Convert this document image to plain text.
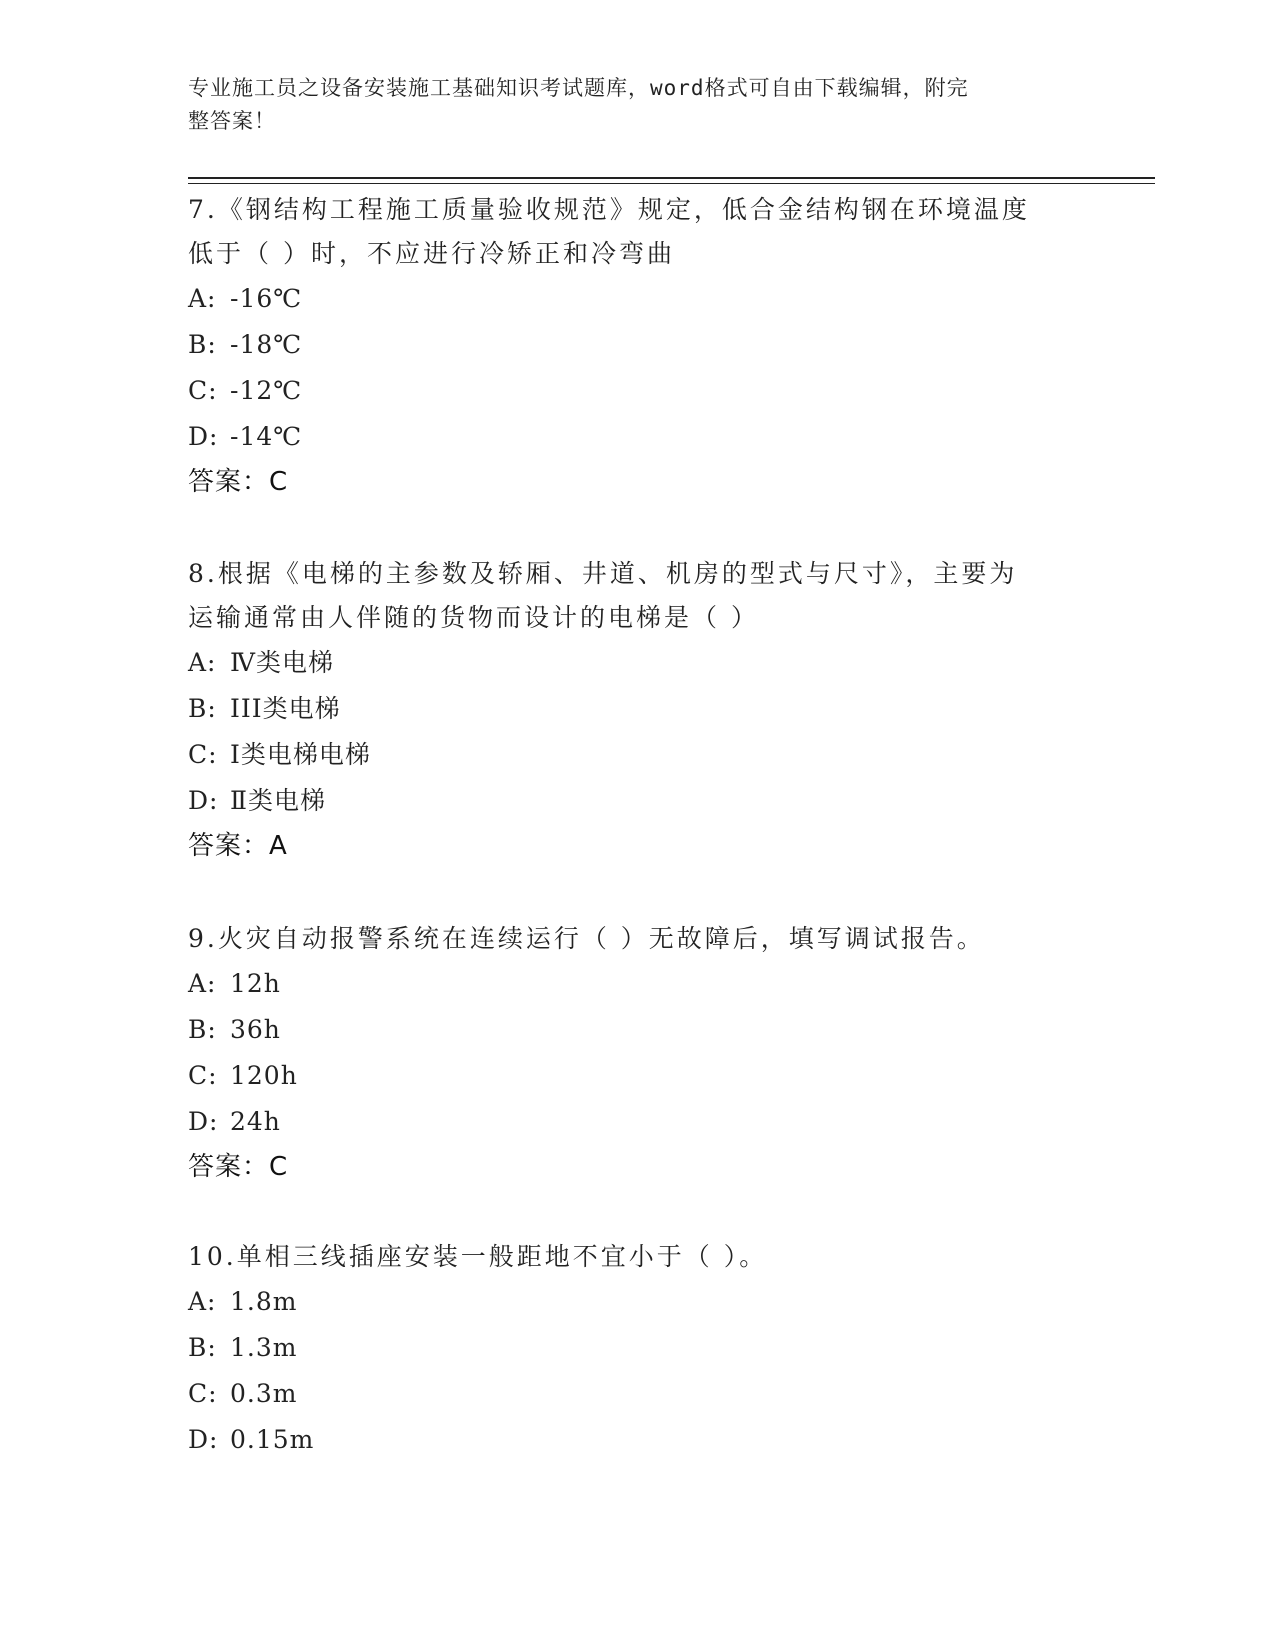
专业施工员之设备安装施工基础知识考试题库，word格式可自由下载编辑，附完
整答案！

7.《钢结构工程施工质量验收规范》规定，低合金结构钢在环境温度

低于（ ）时，不应进行冷矫正和冷弯曲

A: -16℃

B: -18℃

C: -12℃

D: -14℃

答案：C

8.根据《电梯的主参数及轿厢、井道、机房的型式与尺寸》，主要为

运输通常由人伴随的货物而设计的电梯是（ ）

A: Ⅳ类电梯

B: III类电梯

C: Ⅰ类电梯电梯

D: Ⅱ类电梯

答案：A

9.火灾自动报警系统在连续运行（ ）无故障后，填写调试报告。

A: 12h

B: 36h

C: 120h

D: 24h

答案：C

10.单相三线插座安装一般距地不宜小于（ ）。

A: 1.8m

B: 1.3m

C: 0.3m

D: 0.15m
